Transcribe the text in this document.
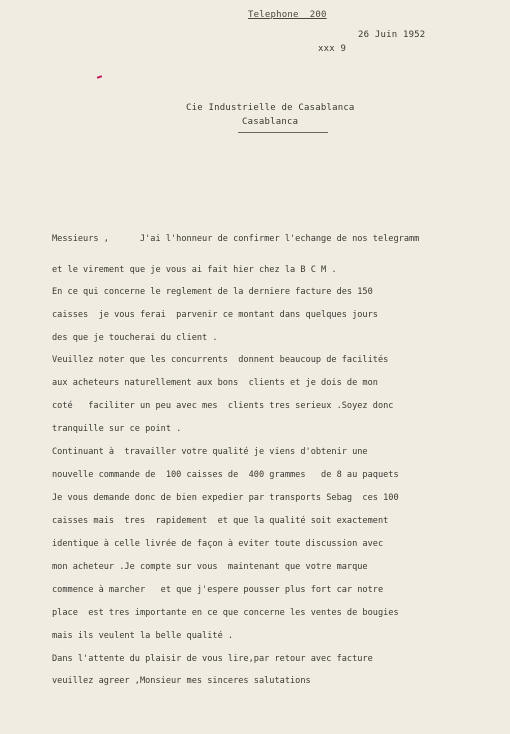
Telephone  200
26 Juin 1952
xxx 9
Cie Industrielle de Casablanca
Casablanca
Messieurs ,      J'ai l'honneur de confirmer l'echange de nos telegramm
et le virement que je vous ai fait hier chez la B C M .
En ce qui concerne le reglement de la derniere facture des 150
caisses  je vous ferai  parvenir ce montant dans quelques jours
des que je toucherai du client .
Veuillez noter que les concurrents  donnent beaucoup de facilités
aux acheteurs naturellement aux bons  clients et je dois de mon
coté   faciliter un peu avec mes  clients tres serieux .Soyez donc
tranquille sur ce point .
Continuant à  travailler votre qualité je viens d'obtenir une
nouvelle commande de  100 caisses de  400 grammes   de 8 au paquets
Je vous demande donc de bien expedier par transports Sebag  ces 100
caisses mais  tres  rapidement  et que la qualité soit exactement
identique à celle livrée de façon à eviter toute discussion avec
mon acheteur .Je compte sur vous  maintenant que votre marque
commence à marcher   et que j'espere pousser plus fort car notre
place  est tres importante en ce que concerne les ventes de bougies
mais ils veulent la belle qualité .
Dans l'attente du plaisir de vous lire,par retour avec facture
veuillez agreer ,Monsieur mes sinceres salutations
